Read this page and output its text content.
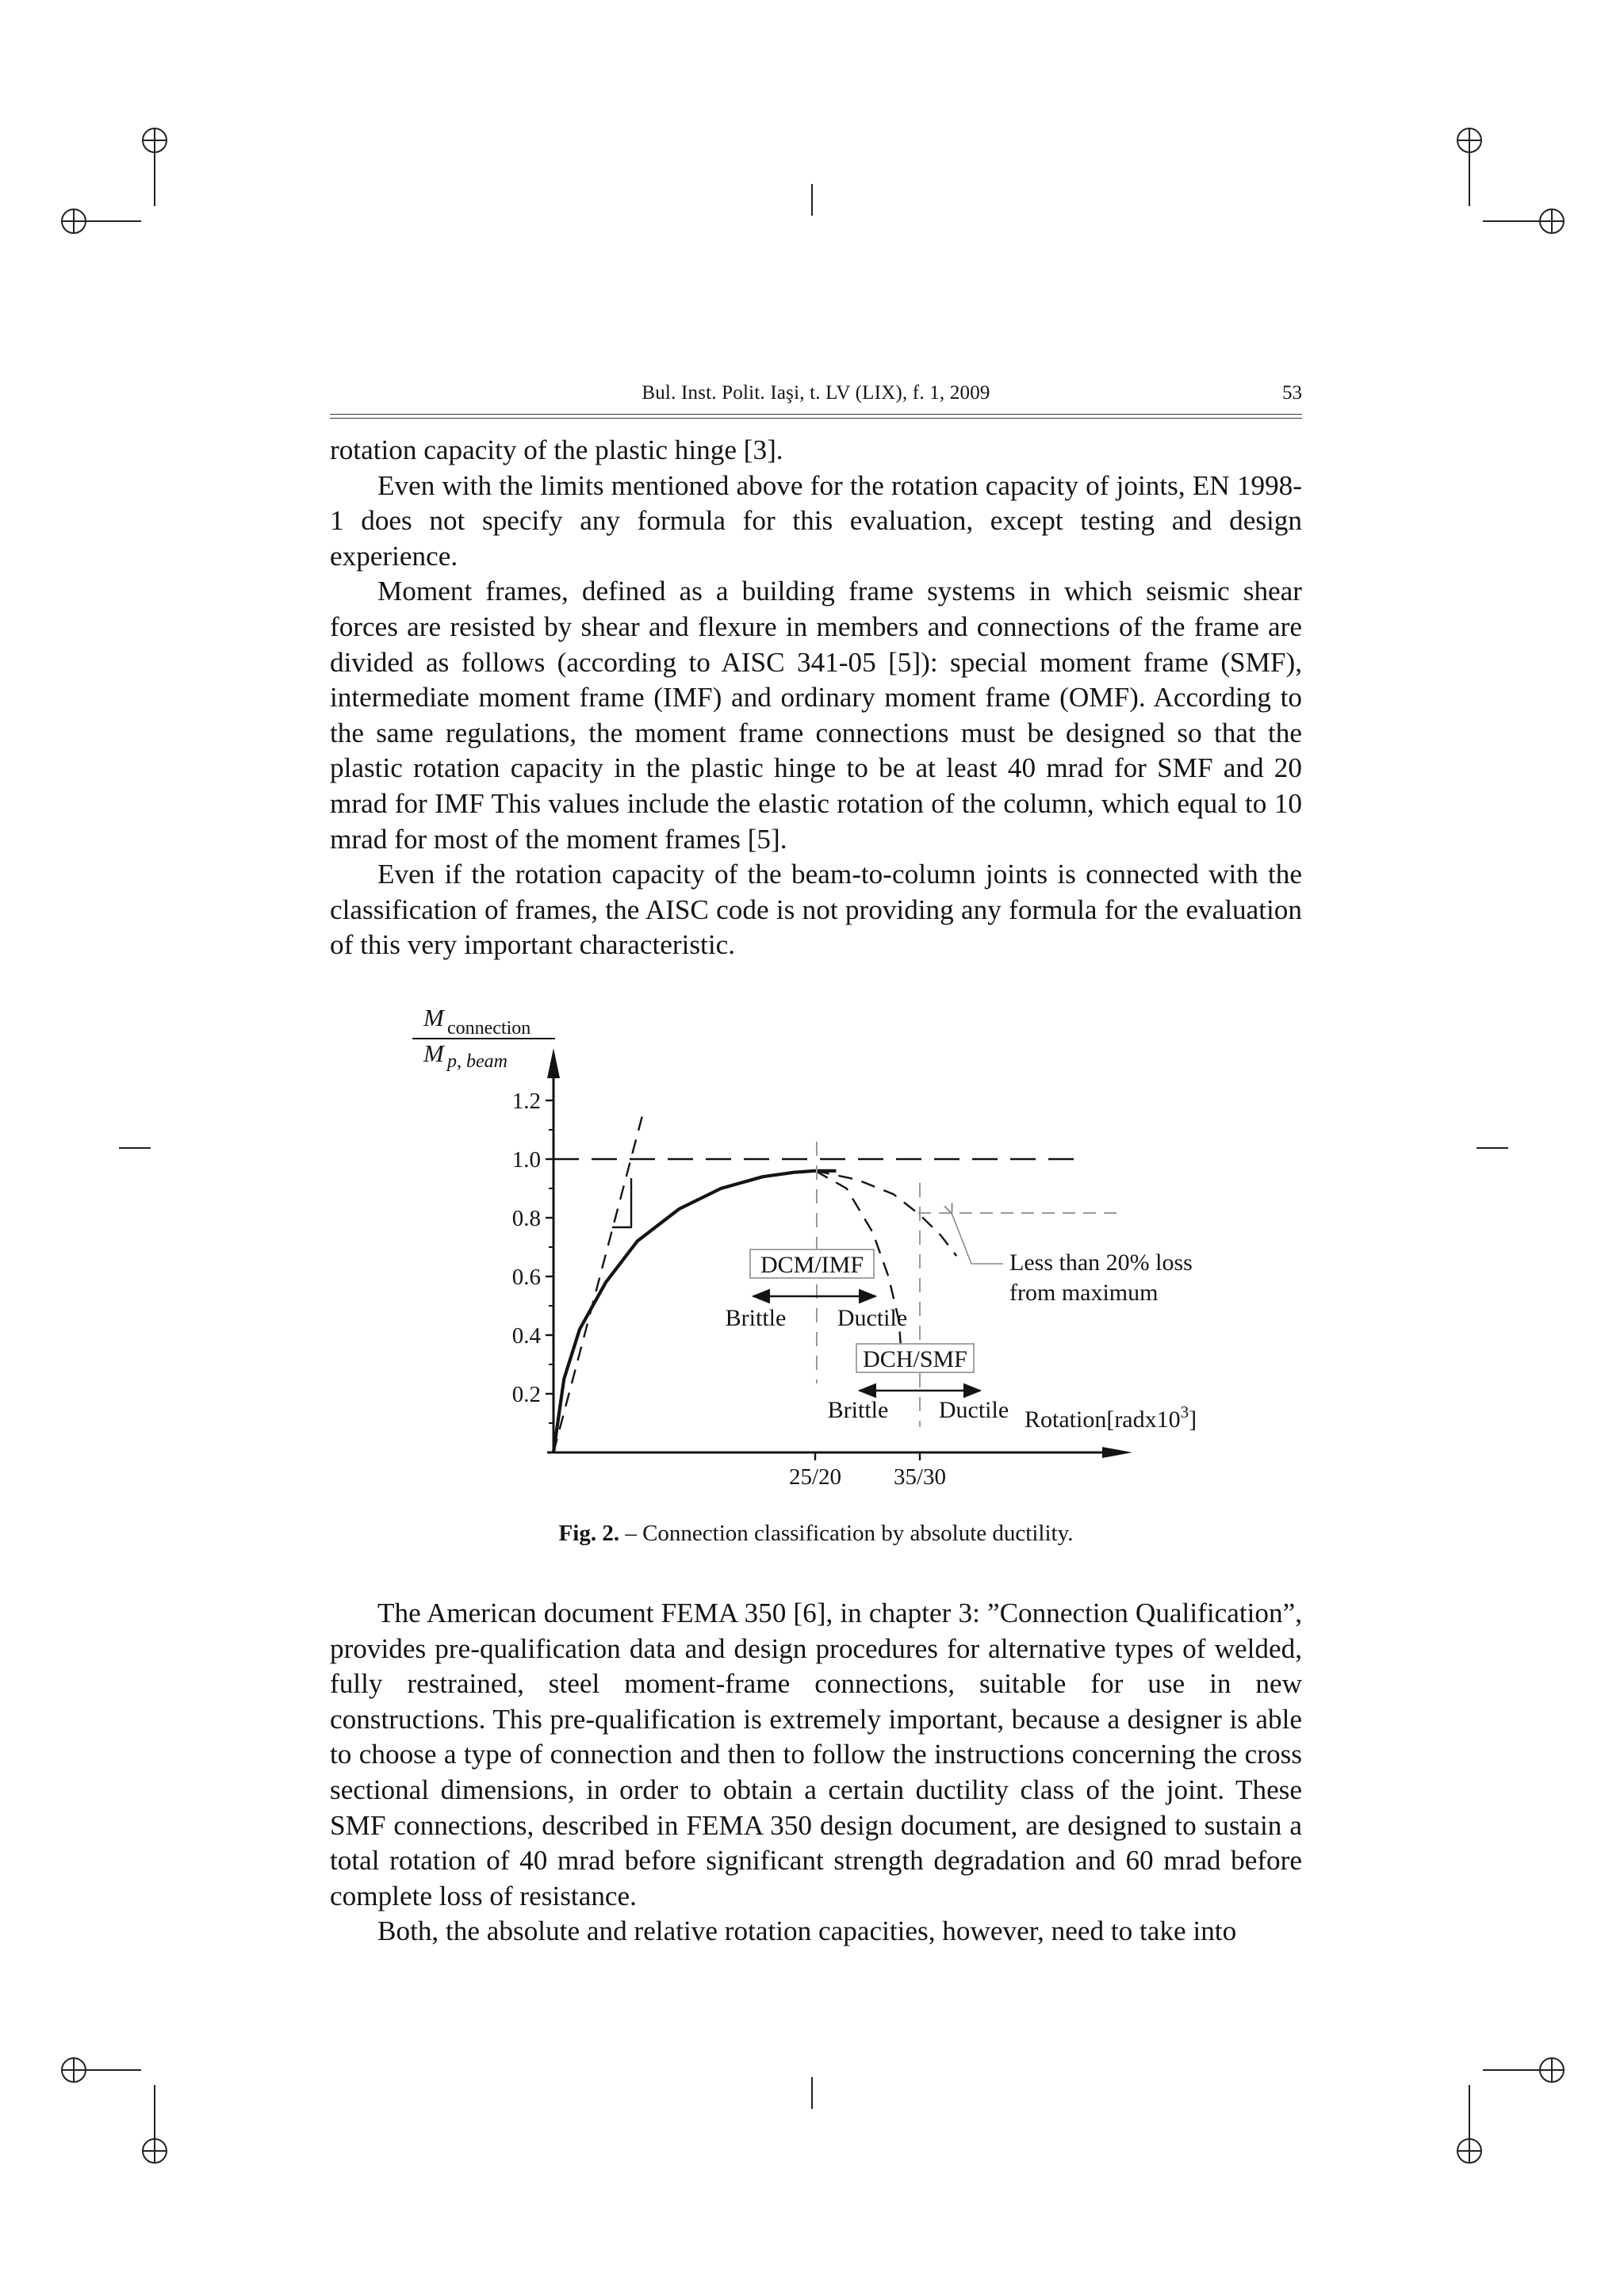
Bul. Inst. Polit. Iaşi, t. LV (LIX), f. 1, 2009	53

rotation capacity of the plastic hinge [3].

Even with the limits mentioned above for the rotation capacity of joints, EN 1998-1 does not specify any formula for this evaluation, except testing and design experience.

Moment frames, defined as a building frame systems in which seismic shear forces are resisted by shear and flexure in members and connections of the frame are divided as follows (according to AISC 341-05 [5]): special moment frame (SMF), intermediate moment frame (IMF) and ordinary moment frame (OMF). According to the same regulations, the moment frame connections must be designed so that the plastic rotation capacity in the plastic hinge to be at least 40 mrad for SMF and 20 mrad for IMF This values include the elastic rotation of the column, which equal to 10 mrad for most of the moment frames [5].

Even if the rotation capacity of the beam-to-column joints is connected with the classification of frames, the AISC code is not providing any formula for the evaluation of this very important characteristic.

M connection
M p, beam
0.2
0.4
0.6
0.8
1.0
1.2
25/20 35/30
Less than 20% loss
from maximum
DCM/IMF
Brittle Ductile
DCH/SMF
Brittle Ductile $Rotation[radx10^3]$
Fig. 2. – Connection classification by absolute ductility.

The American document FEMA 350 [6], in chapter 3: ”Connection Qualification”, provides pre-qualification data and design procedures for alternative types of welded, fully restrained, steel moment-frame connections, suitable for use in new constructions. This pre-qualification is extremely important, because a designer is able to choose a type of connection and then to follow the instructions concerning the cross sectional dimensions, in order to obtain a certain ductility class of the joint. These SMF connections, described in FEMA 350 design document, are designed to sustain a total rotation of 40 mrad before significant strength degradation and 60 mrad before complete loss of resistance.

Both, the absolute and relative rotation capacities, however, need to take into
